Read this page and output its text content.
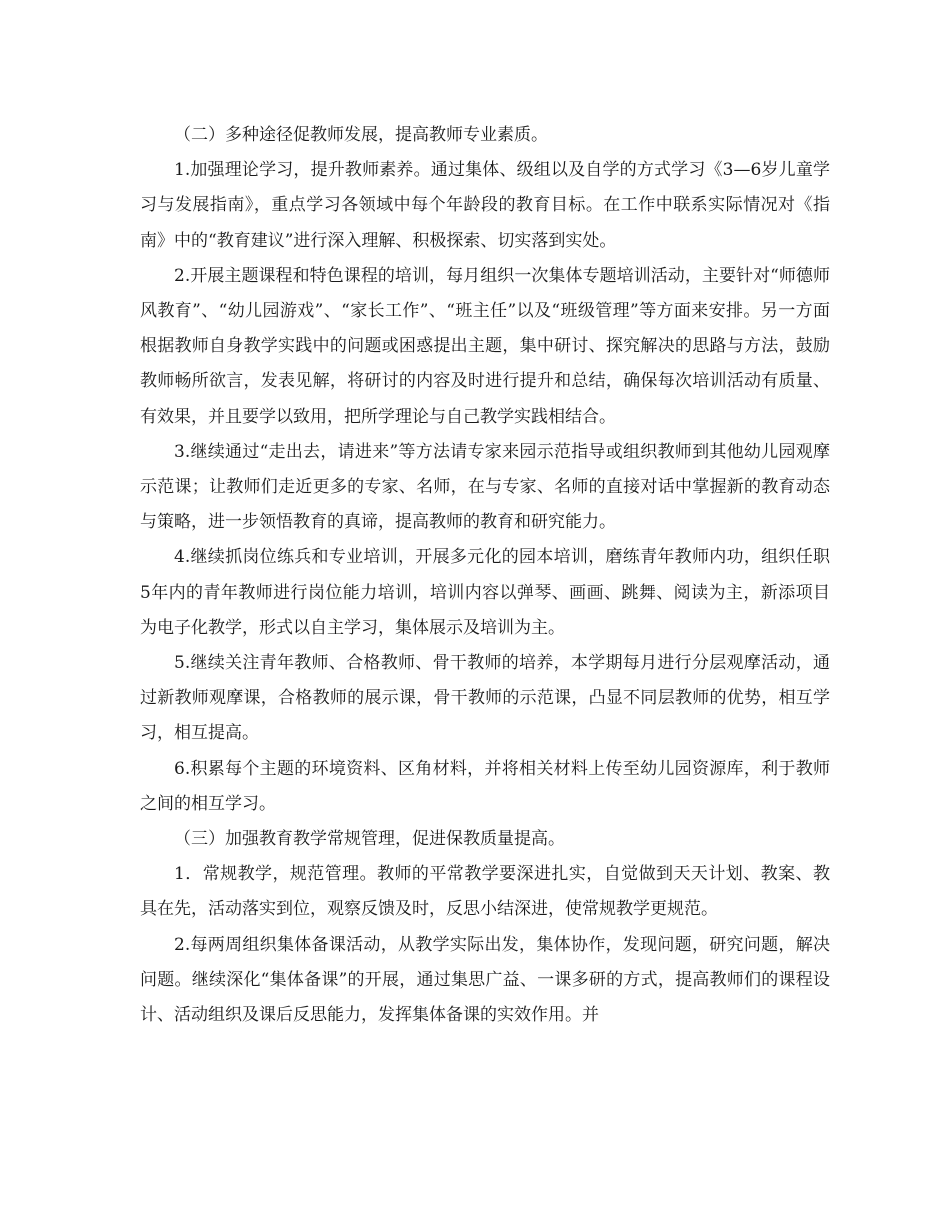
（二）多种途径促教师发展，提高教师专业素质。

1.加强理论学习，提升教师素养。通过集体、级组以及自学的方式学习《3—6岁儿童学习与发展指南》，重点学习各领域中每个年龄段的教育目标。在工作中联系实际情况对《指南》中的“教育建议”进行深入理解、积极探索、切实落到实处。

2.开展主题课程和特色课程的培训，每月组织一次集体专题培训活动，主要针对“师德师风教育”、“幼儿园游戏”、“家长工作”、“班主任”以及“班级管理”等方面来安排。另一方面根据教师自身教学实践中的问题或困惑提出主题，集中研讨、探究解决的思路与方法，鼓励教师畅所欲言，发表见解，将研讨的内容及时进行提升和总结，确保每次培训活动有质量、有效果，并且要学以致用，把所学理论与自己教学实践相结合。

3.继续通过“走出去，请进来”等方法请专家来园示范指导或组织教师到其他幼儿园观摩示范课；让教师们走近更多的专家、名师，在与专家、名师的直接对话中掌握新的教育动态与策略，进一步领悟教育的真谛，提高教师的教育和研究能力。

4.继续抓岗位练兵和专业培训，开展多元化的园本培训，磨练青年教师内功，组织任职5年内的青年教师进行岗位能力培训，培训内容以弹琴、画画、跳舞、阅读为主，新添项目为电子化教学，形式以自主学习，集体展示及培训为主。

5.继续关注青年教师、合格教师、骨干教师的培养，本学期每月进行分层观摩活动，通过新教师观摩课，合格教师的展示课，骨干教师的示范课，凸显不同层教师的优势，相互学习，相互提高。

6.积累每个主题的环境资料、区角材料，并将相关材料上传至幼儿园资源库，利于教师之间的相互学习。

（三）加强教育教学常规管理，促进保教质量提高。

1．常规教学，规范管理。教师的平常教学要深进扎实，自觉做到天天计划、教案、教具在先，活动落实到位，观察反馈及时，反思小结深进，使常规教学更规范。

2.每两周组织集体备课活动，从教学实际出发，集体协作，发现问题，研究问题，解决问题。继续深化“集体备课”的开展，通过集思广益、一课多研的方式，提高教师们的课程设计、活动组织及课后反思能力，发挥集体备课的实效作用。并
